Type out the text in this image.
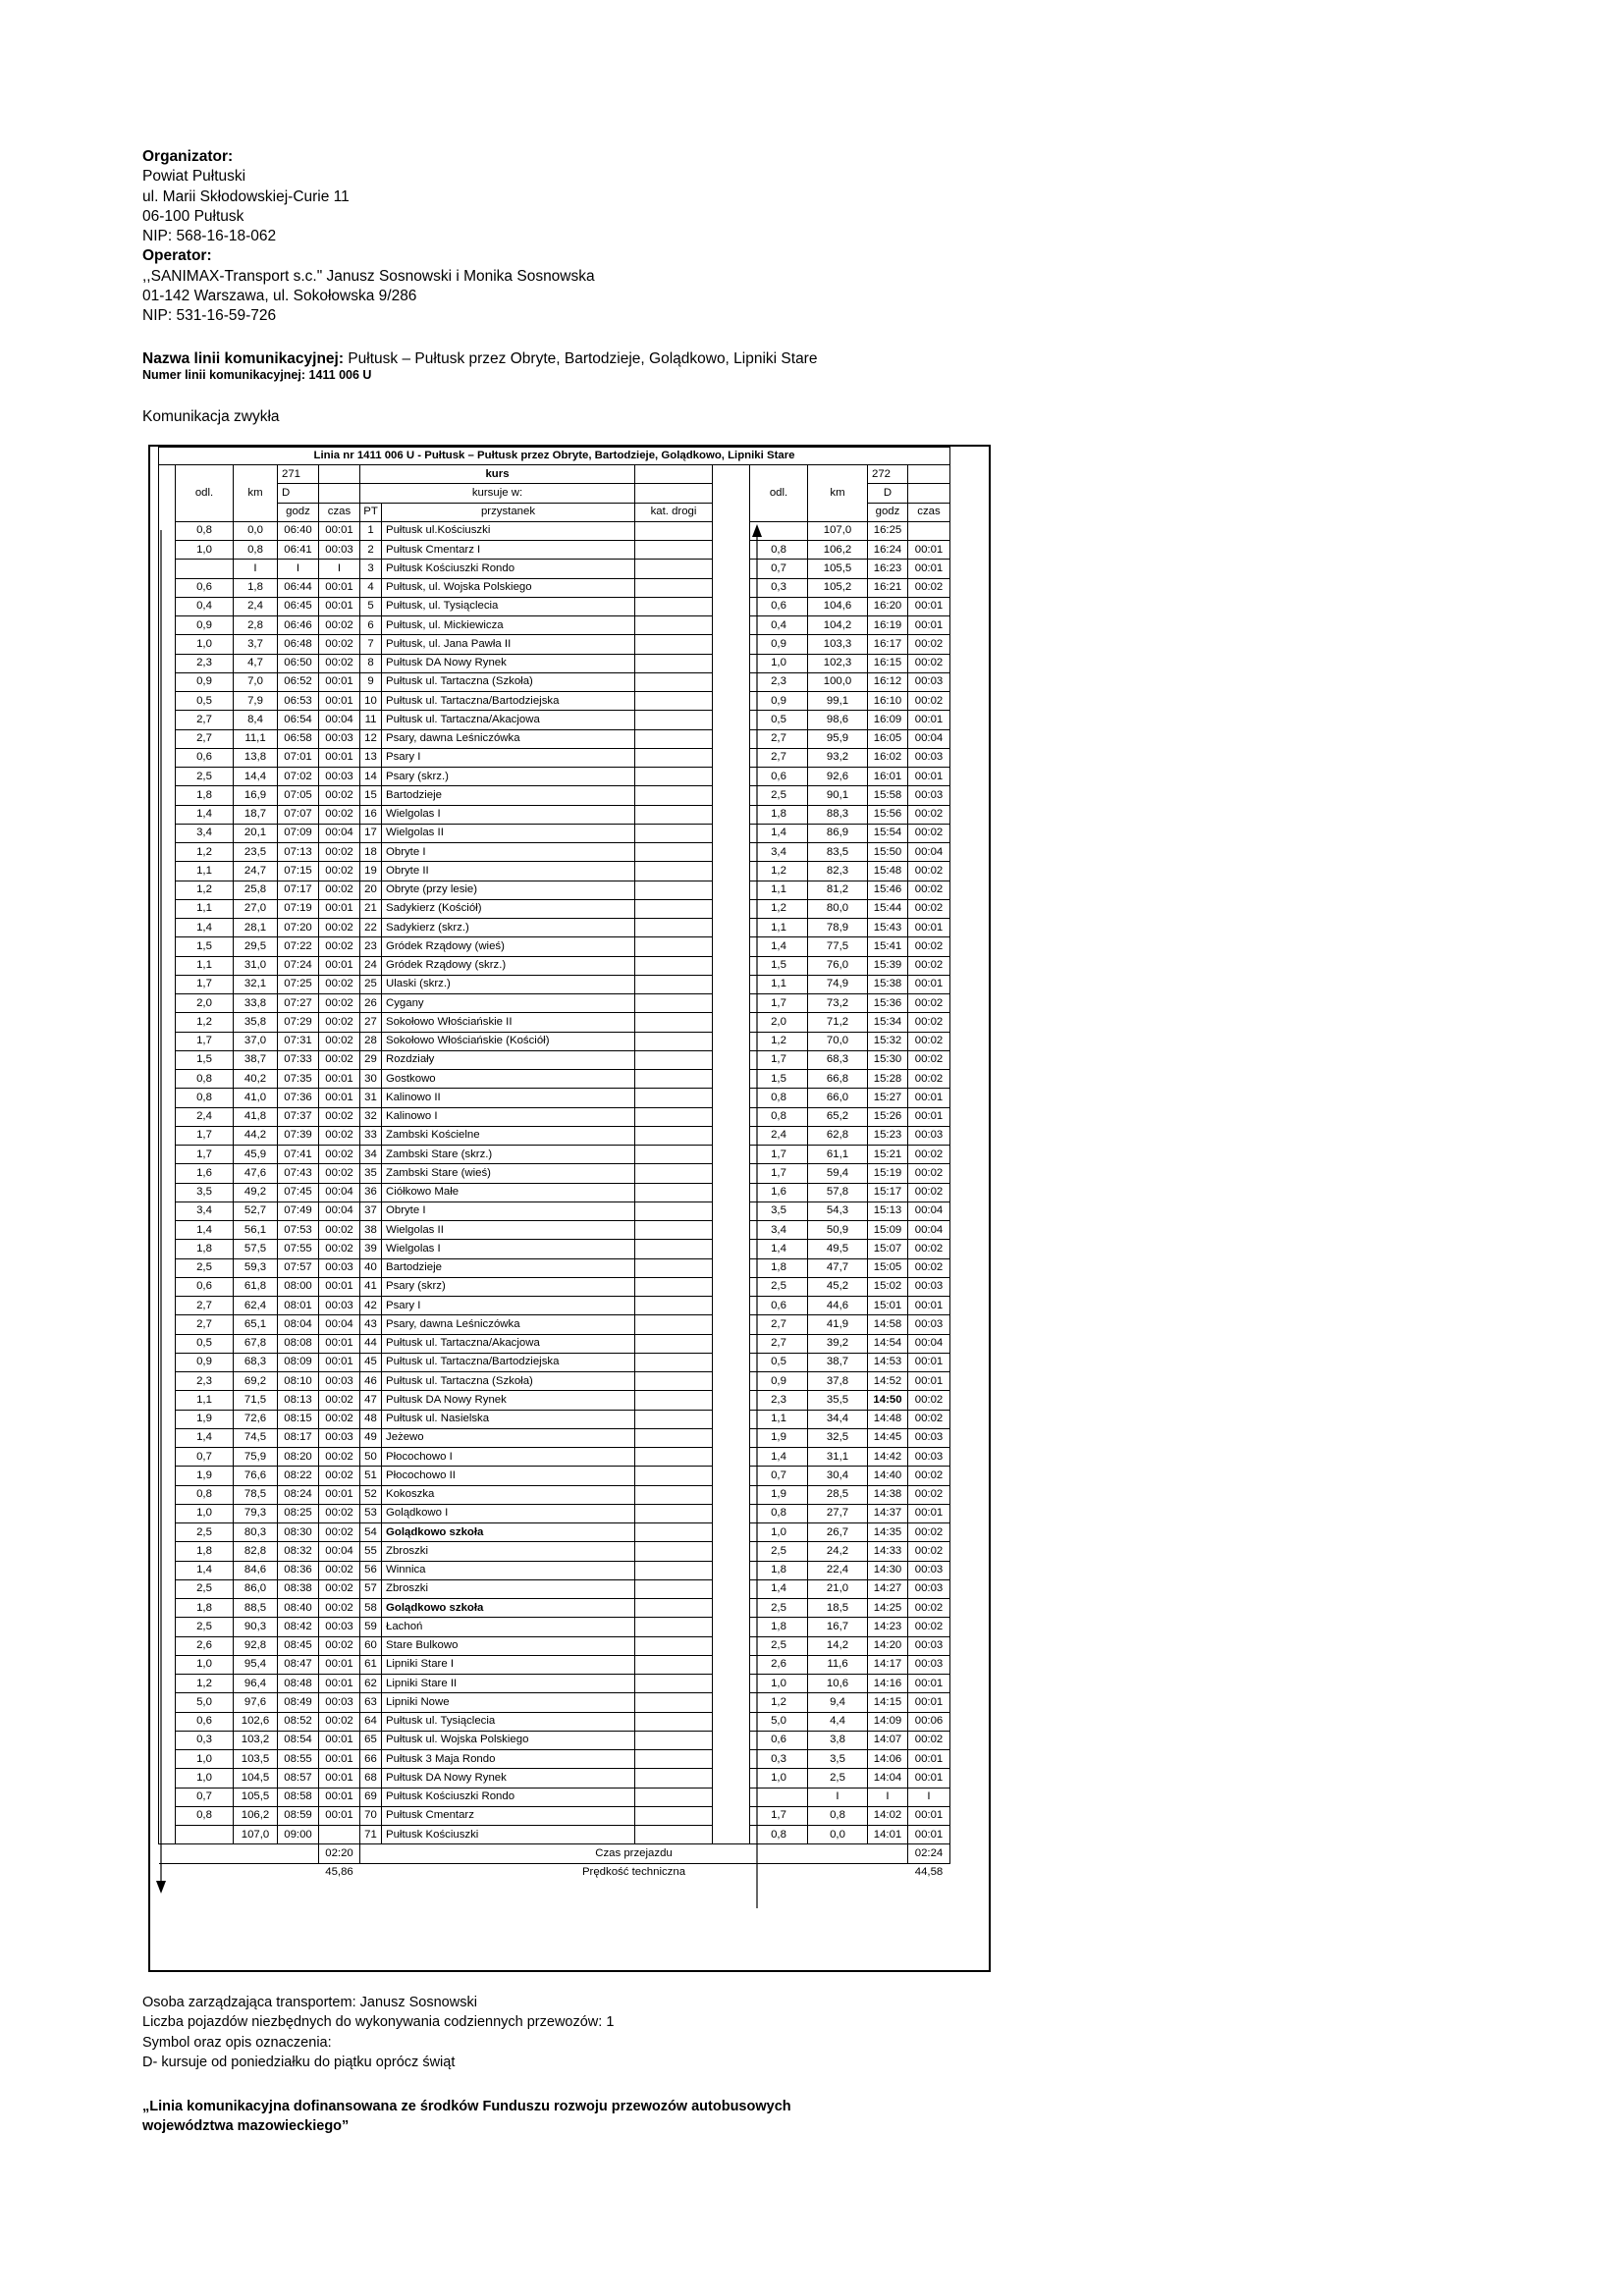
Organizator:
Powiat Pułtuski
ul. Marii Skłodowskiej-Curie 11
06-100 Pułtusk
NIP: 568-16-18-062
Operator:
,,SANIMAX-Transport s.c." Janusz Sosnowski i Monika Sosnowska
01-142 Warszawa, ul. Sokołowska 9/286
NIP: 531-16-59-726
Nazwa linii komunikacyjnej: Pułtusk – Pułtusk przez Obryte, Bartodzieje, Golądkowo, Lipniki Stare
Numer linii komunikacyjnej: 1411 006 U
Komunikacja zwykła
Linia nr 1411 006 U - Pułtusk – Pułtusk przez Obryte, Bartodzieje, Golądkowo, Lipniki Stare												
	odl.	km	271		kurs				odl.	km	272	
			D		kursuje w:						D	
			godz	czas	PT	przystanek	kat. drogi				godz	czas
	0,8	0,0	06:40	00:01	1	Pułtusk ul.Kościuszki				107,0	16:25	
	1,0	0,8	06:41	00:03	2	Pułtusk Cmentarz I			0,8	106,2	16:24	00:01
		I	I	I	3	Pułtusk Kościuszki Rondo			0,7	105,5	16:23	00:01
	0,6	1,8	06:44	00:01	4	Pułtusk, ul. Wojska Polskiego			0,3	105,2	16:21	00:02
	0,4	2,4	06:45	00:01	5	Pułtusk, ul. Tysiąclecia			0,6	104,6	16:20	00:01
	0,9	2,8	06:46	00:02	6	Pułtusk, ul. Mickiewicza			0,4	104,2	16:19	00:01
	1,0	3,7	06:48	00:02	7	Pułtusk, ul. Jana Pawła II			0,9	103,3	16:17	00:02
	2,3	4,7	06:50	00:02	8	Pułtusk DA Nowy Rynek			1,0	102,3	16:15	00:02
	0,9	7,0	06:52	00:01	9	Pułtusk ul. Tartaczna (Szkoła)			2,3	100,0	16:12	00:03
	0,5	7,9	06:53	00:01	10	Pułtusk ul. Tartaczna/Bartodziejska			0,9	99,1	16:10	00:02
	2,7	8,4	06:54	00:04	11	Pułtusk ul. Tartaczna/Akacjowa			0,5	98,6	16:09	00:01
	2,7	11,1	06:58	00:03	12	Psary, dawna Leśniczówka			2,7	95,9	16:05	00:04
	0,6	13,8	07:01	00:01	13	Psary I			2,7	93,2	16:02	00:03
	2,5	14,4	07:02	00:03	14	Psary (skrz.)			0,6	92,6	16:01	00:01
	1,8	16,9	07:05	00:02	15	Bartodzieje			2,5	90,1	15:58	00:03
	1,4	18,7	07:07	00:02	16	Wielgolas I			1,8	88,3	15:56	00:02
	3,4	20,1	07:09	00:04	17	Wielgolas II			1,4	86,9	15:54	00:02
	1,2	23,5	07:13	00:02	18	Obryte I			3,4	83,5	15:50	00:04
	1,1	24,7	07:15	00:02	19	Obryte II			1,2	82,3	15:48	00:02
	1,2	25,8	07:17	00:02	20	Obryte (przy lesie)			1,1	81,2	15:46	00:02
	1,1	27,0	07:19	00:01	21	Sadykierz (Kościół)			1,2	80,0	15:44	00:02
	1,4	28,1	07:20	00:02	22	Sadykierz (skrz.)			1,1	78,9	15:43	00:01
	1,5	29,5	07:22	00:02	23	Gródek Rządowy (wieś)			1,4	77,5	15:41	00:02
	1,1	31,0	07:24	00:01	24	Gródek Rządowy (skrz.)			1,5	76,0	15:39	00:02
	1,7	32,1	07:25	00:02	25	Ulaski (skrz.)			1,1	74,9	15:38	00:01
	2,0	33,8	07:27	00:02	26	Cygany			1,7	73,2	15:36	00:02
	1,2	35,8	07:29	00:02	27	Sokołowo Włościańskie II			2,0	71,2	15:34	00:02
	1,7	37,0	07:31	00:02	28	Sokołowo Włościańskie (Kościół)			1,2	70,0	15:32	00:02
	1,5	38,7	07:33	00:02	29	Rozdziały			1,7	68,3	15:30	00:02
	0,8	40,2	07:35	00:01	30	Gostkowo			1,5	66,8	15:28	00:02
	0,8	41,0	07:36	00:01	31	Kalinowo II			0,8	66,0	15:27	00:01
	2,4	41,8	07:37	00:02	32	Kalinowo I			0,8	65,2	15:26	00:01
	1,7	44,2	07:39	00:02	33	Zambski Kościelne			2,4	62,8	15:23	00:03
	1,7	45,9	07:41	00:02	34	Zambski Stare (skrz.)			1,7	61,1	15:21	00:02
	1,6	47,6	07:43	00:02	35	Zambski Stare (wieś)			1,7	59,4	15:19	00:02
	3,5	49,2	07:45	00:04	36	Ciółkowo Małe			1,6	57,8	15:17	00:02
	3,4	52,7	07:49	00:04	37	Obryte I			3,5	54,3	15:13	00:04
	1,4	56,1	07:53	00:02	38	Wielgolas II			3,4	50,9	15:09	00:04
	1,8	57,5	07:55	00:02	39	Wielgolas I			1,4	49,5	15:07	00:02
	2,5	59,3	07:57	00:03	40	Bartodzieje			1,8	47,7	15:05	00:02
	0,6	61,8	08:00	00:01	41	Psary (skrz)			2,5	45,2	15:02	00:03
	2,7	62,4	08:01	00:03	42	Psary I			0,6	44,6	15:01	00:01
	2,7	65,1	08:04	00:04	43	Psary, dawna Leśniczówka			2,7	41,9	14:58	00:03
	0,5	67,8	08:08	00:01	44	Pułtusk ul. Tartaczna/Akacjowa			2,7	39,2	14:54	00:04
	0,9	68,3	08:09	00:01	45	Pułtusk ul. Tartaczna/Bartodziejska			0,5	38,7	14:53	00:01
	2,3	69,2	08:10	00:03	46	Pułtusk ul. Tartaczna (Szkoła)			0,9	37,8	14:52	00:01
	1,1	71,5	08:13	00:02	47	Pułtusk DA Nowy Rynek			2,3	35,5	14:50	00:02
	1,9	72,6	08:15	00:02	48	Pułtusk ul. Nasielska			1,1	34,4	14:48	00:02
	1,4	74,5	08:17	00:03	49	Jeżewo			1,9	32,5	14:45	00:03
	0,7	75,9	08:20	00:02	50	Płocochowo I			1,4	31,1	14:42	00:03
	1,9	76,6	08:22	00:02	51	Płocochowo II			0,7	30,4	14:40	00:02
	0,8	78,5	08:24	00:01	52	Kokoszka			1,9	28,5	14:38	00:02
	1,0	79,3	08:25	00:02	53	Golądkowo I			0,8	27,7	14:37	00:01
	2,5	80,3	08:30	00:02	54	Golądkowo szkoła			1,0	26,7	14:35	00:02
	1,8	82,8	08:32	00:04	55	Zbroszki			2,5	24,2	14:33	00:02
	1,4	84,6	08:36	00:02	56	Winnica			1,8	22,4	14:30	00:03
	2,5	86,0	08:38	00:02	57	Zbroszki			1,4	21,0	14:27	00:03
	1,8	88,5	08:40	00:02	58	Golądkowo szkoła			2,5	18,5	14:25	00:02
	2,5	90,3	08:42	00:03	59	Łachoń			1,8	16,7	14:23	00:02
	2,6	92,8	08:45	00:02	60	Stare Bulkowo			2,5	14,2	14:20	00:03
	1,0	95,4	08:47	00:01	61	Lipniki Stare I			2,6	11,6	14:17	00:03
	1,2	96,4	08:48	00:01	62	Lipniki Stare II			1,0	10,6	14:16	00:01
	5,0	97,6	08:49	00:03	63	Lipniki Nowe			1,2	9,4	14:15	00:01
	0,6	102,6	08:52	00:02	64	Pułtusk ul. Tysiąclecia			5,0	4,4	14:09	00:06
	0,3	103,2	08:54	00:01	65	Pułtusk ul. Wojska Polskiego			0,6	3,8	14:07	00:02
	1,0	103,5	08:55	00:01	66	Pułtusk 3 Maja Rondo			0,3	3,5	14:06	00:01
	1,0	104,5	08:57	00:01	68	Pułtusk DA Nowy Rynek			1,0	2,5	14:04	00:01
	0,7	105,5	08:58	00:01	69	Pułtusk Kościuszki Rondo				I	I	I
	0,8	106,2	08:59	00:01	70	Pułtusk Cmentarz			1,7	0,8	14:02	00:01
		107,0	09:00		71	Pułtusk Kościuszki			0,8	0,0	14:01	00:01
				02:20	Czas przejazdu							02:24
				45,86	Prędkość techniczna							44,58
Osoba zarządzająca transportem: Janusz Sosnowski
Liczba pojazdów niezbędnych do wykonywania codziennych przewozów: 1
Symbol oraz opis oznaczenia:
D- kursuje od poniedziałku do piątku oprócz świąt
„Linia komunikacyjna dofinansowana ze środków Funduszu rozwoju przewozów autobusowych
województwa mazowieckiego”
